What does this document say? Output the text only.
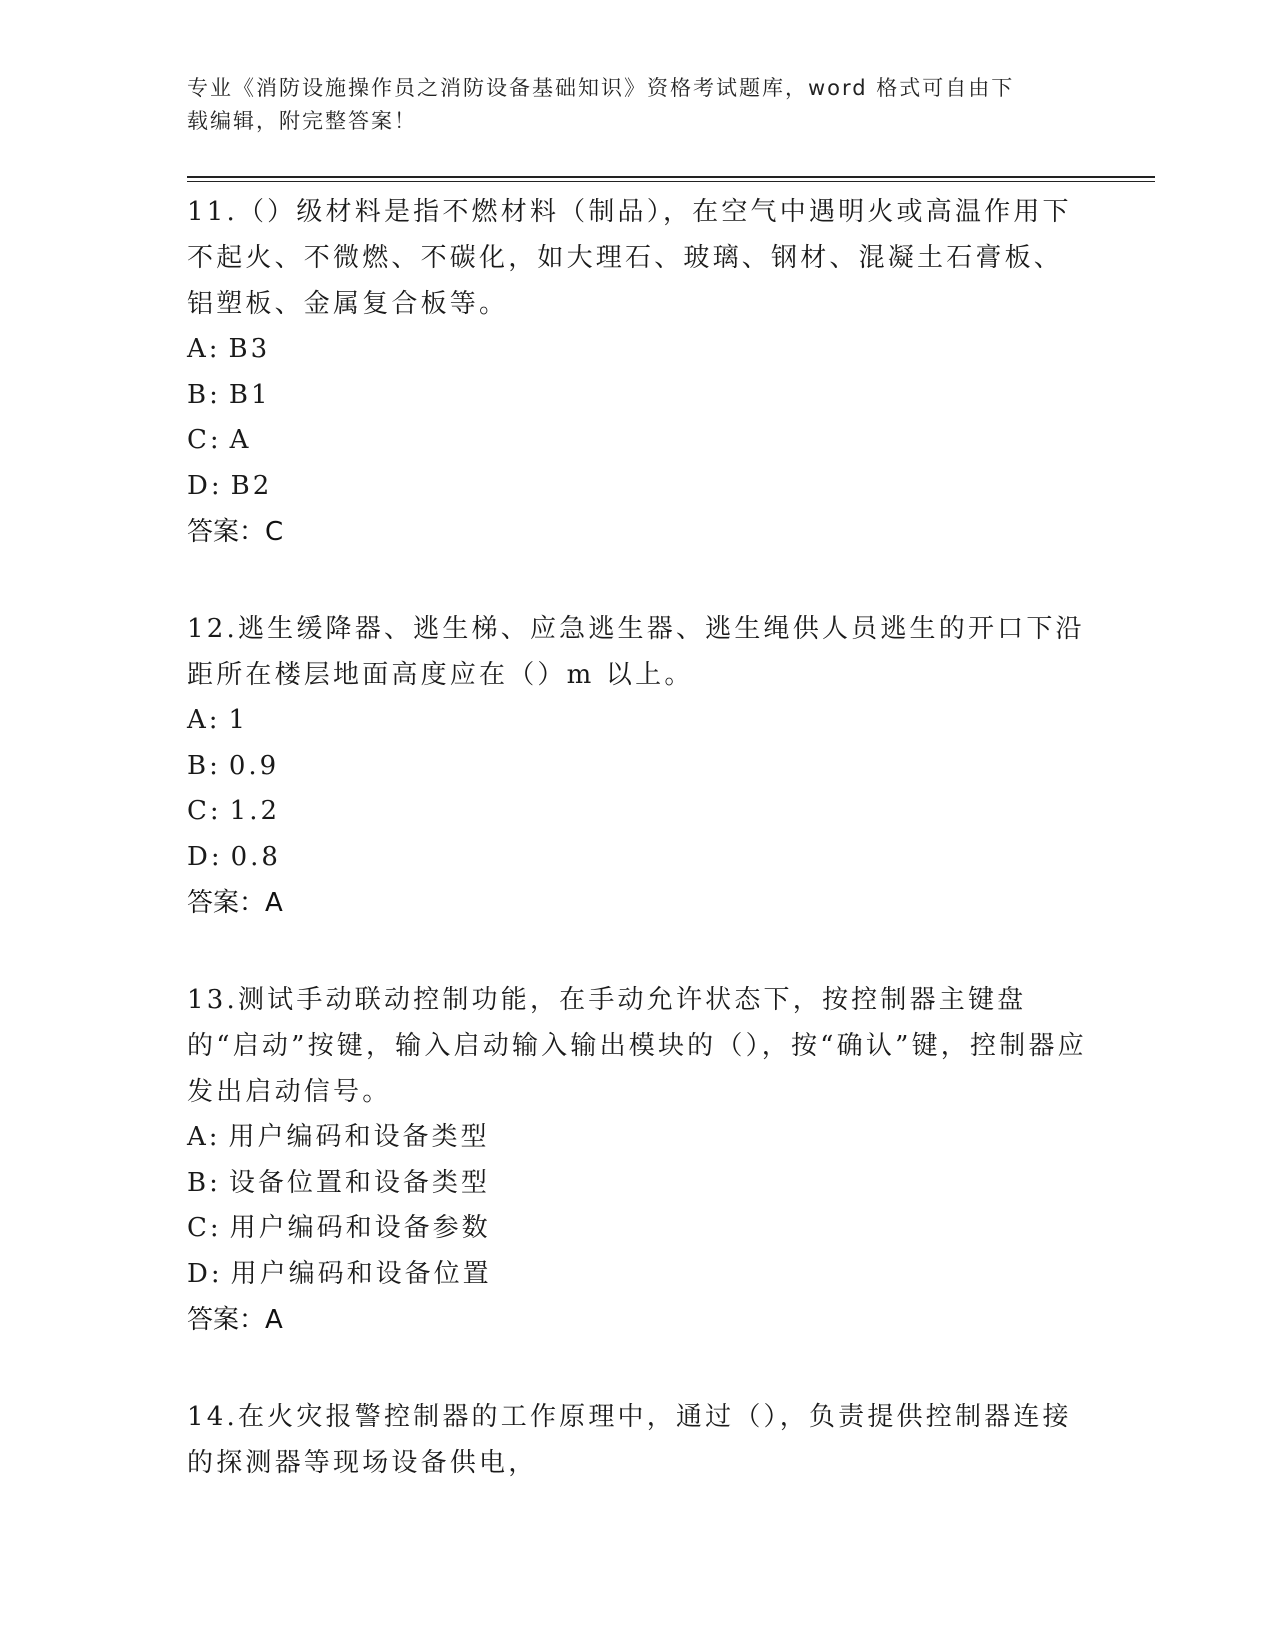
专业《消防设施操作员之消防设备基础知识》资格考试题库，word 格式可自由下
载编辑，附完整答案！

11.（）级材料是指不燃材料（制品），在空气中遇明火或高温作用下不起火、不微燃、不碳化，如大理石、玻璃、钢材、混凝土石膏板、铝塑板、金属复合板等。

A: B3

B: B1

C: A

D: B2

答案：C

12.逃生缓降器、逃生梯、应急逃生器、逃生绳供人员逃生的开口下沿距所在楼层地面高度应在（）m 以上。

A: 1

B: 0.9

C: 1.2

D: 0.8

答案：A

13.测试手动联动控制功能，在手动允许状态下，按控制器主键盘的“启动”按键，输入启动输入输出模块的（），按“确认”键，控制器应发出启动信号。

A: 用户编码和设备类型

B: 设备位置和设备类型

C: 用户编码和设备参数

D: 用户编码和设备位置

答案：A

14.在火灾报警控制器的工作原理中，通过（），负责提供控制器连接的探测器等现场设备供电，
